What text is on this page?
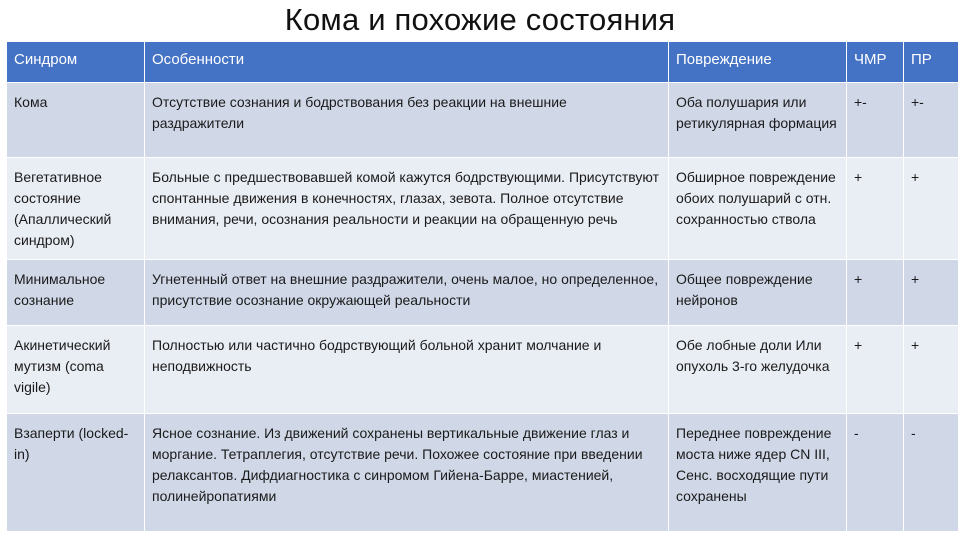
Кома и похожие состояния
Синдром	Особенности	Повреждение	ЧМР	ПР
Кома	Отсутствие сознания и бодрствования без реакции на внешние раздражители	Оба полушария или ретикулярная формация	+-	+-
Вегетативное состояние (Апаллический синдром)	Больные с предшествовавшей комой кажутся бодрствующими. Присутствуют спонтанные движения в конечностях, глазах, зевота. Полное отсутствие внимания, речи, осознания реальности и реакции на обращенную речь	Обширное повреждение обоих полушарий с отн. сохранностью ствола	+	+
Минимальное сознание	Угнетенный ответ на внешние раздражители, очень малое, но определенное, присутствие осознание окружающей реальности	Общее повреждение нейронов	+	+
Акинетический мутизм (coma vigile)	Полностью или частично бодрствующий больной хранит молчание и неподвижность	Обе лобные доли Или опухоль 3-го желудочка	+	+
Взаперти (locked-in)	Ясное сознание. Из движений сохранены вертикальные движение глаз и моргание. Тетраплегия, отсутствие речи. Похожее состояние при введении релаксантов. Дифдиагностика с синромом Гийена-Барре, миастенией, полинейропатиями	Переднее повреждение моста ниже ядер CN III, Сенс. восходящие пути сохранены	-	-
